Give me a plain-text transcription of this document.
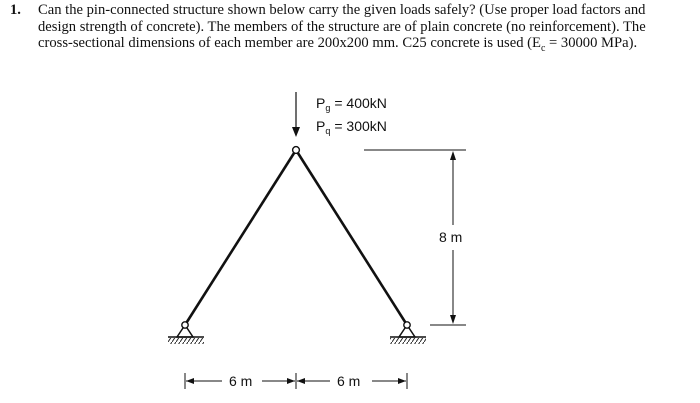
1. Can the pin-connected structure shown below carry the given loads safely? (Use proper load factors and design strength of concrete). The members of the structure are of plain concrete (no reinforcement). The cross-sectional dimensions of each member are 200x200 mm. C25 concrete is used ($E_c = 30000$ MPa).
$P_g = 400kN$
$P_q = 300kN$
8 m
6 m	6 m
